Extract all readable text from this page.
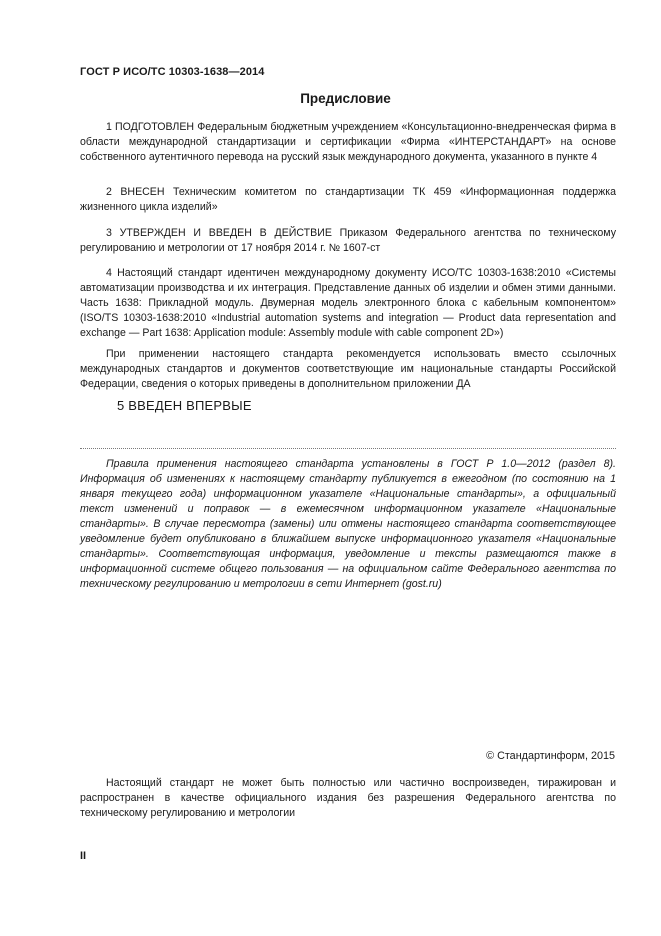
ГОСТ Р ИСО/ТС 10303-1638—2014
Предисловие
1 ПОДГОТОВЛЕН Федеральным бюджетным учреждением «Консультационно-внедренческая фирма в области международной стандартизации и сертификации «Фирма «ИНТЕРСТАНДАРТ» на основе собственного аутентичного перевода на русский язык международного документа, указанного в пункте 4
2 ВНЕСЕН Техническим комитетом по стандартизации ТК 459 «Информационная поддержка жизненного цикла изделий»
3 УТВЕРЖДЕН И ВВЕДЕН В ДЕЙСТВИЕ Приказом Федерального агентства по техническому регулированию и метрологии от 17 ноября 2014 г. № 1607-ст
4 Настоящий стандарт идентичен международному документу ИСО/ТС 10303-1638:2010 «Системы автоматизации производства и их интеграция. Представление данных об изделии и обмен этими данными. Часть 1638: Прикладной модуль. Двумерная модель электронного блока с кабельным компонентом» (ISO/TS 10303-1638:2010 «Industrial automation systems and integration — Product data representation and exchange — Part 1638: Application module: Assembly module with cable component 2D»)
При применении настоящего стандарта рекомендуется использовать вместо ссылочных международных стандартов и документов соответствующие им национальные стандарты Российской Федерации, сведения о которых приведены в дополнительном приложении ДА
5 ВВЕДЕН ВПЕРВЫЕ
Правила применения настоящего стандарта установлены в ГОСТ Р 1.0—2012 (раздел 8). Информация об изменениях к настоящему стандарту публикуется в ежегодном (по состоянию на 1 января текущего года) информационном указателе «Национальные стандарты», а официальный текст изменений и поправок — в ежемесячном информационном указателе «Национальные стандарты». В случае пересмотра (замены) или отмены настоящего стандарта соответствующее уведомление будет опубликовано в ближайшем выпуске информационного указателя «Национальные стандарты». Соответствующая информация, уведомление и тексты размещаются также в информационной системе общего пользования — на официальном сайте Федерального агентства по техническому регулированию и метрологии в сети Интернет (gost.ru)
© Стандартинформ, 2015
Настоящий стандарт не может быть полностью или частично воспроизведен, тиражирован и распространен в качестве официального издания без разрешения Федерального агентства по техническому регулированию и метрологии
II
